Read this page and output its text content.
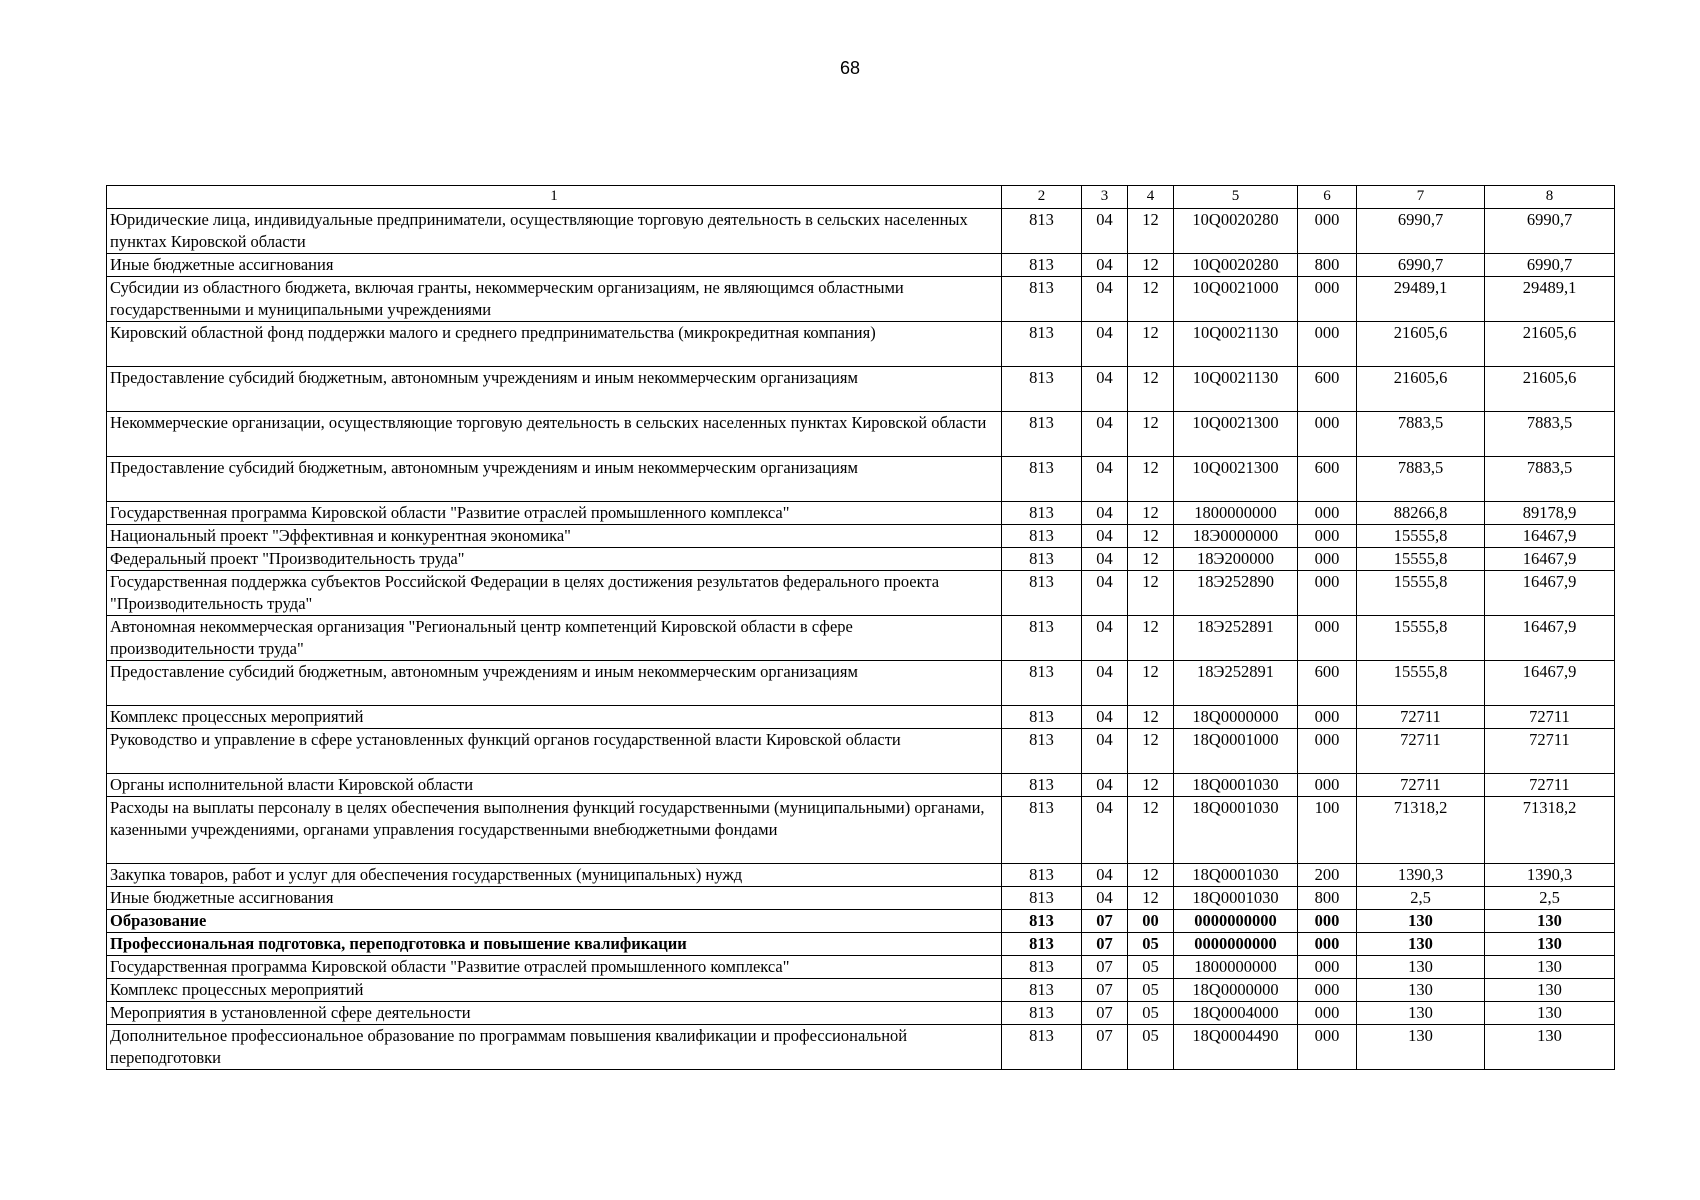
68
1	2	3	4	5	6	7	8
Юридические лица, индивидуальные предприниматели, осуществляющие торговую деятельность в сельских населенных пунктах Кировской области	813	04	12	10Q0020280	000	6990,7	6990,7
Иные бюджетные ассигнования	813	04	12	10Q0020280	800	6990,7	6990,7
Субсидии из областного бюджета, включая гранты, некоммерческим организациям, не являющимся областными государственными и муниципальными учреждениями	813	04	12	10Q0021000	000	29489,1	29489,1
Кировский областной фонд поддержки малого и среднего предпринимательства (микрокредитная компания)	813	04	12	10Q0021130	000	21605,6	21605,6
Предоставление субсидий бюджетным, автономным учреждениям и иным некоммерческим организациям	813	04	12	10Q0021130	600	21605,6	21605,6
Некоммерческие организации, осуществляющие торговую деятельность в сельских населенных пунктах Кировской области	813	04	12	10Q0021300	000	7883,5	7883,5
Предоставление субсидий бюджетным, автономным учреждениям и иным некоммерческим организациям	813	04	12	10Q0021300	600	7883,5	7883,5
Государственная программа Кировской области "Развитие отраслей промышленного комплекса"	813	04	12	1800000000	000	88266,8	89178,9
Национальный проект "Эффективная и конкурентная экономика"	813	04	12	18Э0000000	000	15555,8	16467,9
Федеральный проект "Производительность труда"	813	04	12	18Э200000	000	15555,8	16467,9
Государственная поддержка субъектов Российской Федерации в целях достижения результатов федерального проекта "Производительность труда"	813	04	12	18Э252890	000	15555,8	16467,9
Автономная некоммерческая организация "Региональный центр компетенций Кировской области в сфере производительности труда"	813	04	12	18Э252891	000	15555,8	16467,9
Предоставление субсидий бюджетным, автономным учреждениям и иным некоммерческим организациям	813	04	12	18Э252891	600	15555,8	16467,9
Комплекс процессных мероприятий	813	04	12	18Q0000000	000	72711	72711
Руководство и управление в сфере установленных функций органов государственной власти Кировской области	813	04	12	18Q0001000	000	72711	72711
Органы исполнительной власти Кировской области	813	04	12	18Q0001030	000	72711	72711
Расходы на выплаты персоналу в целях обеспечения выполнения функций государственными (муниципальными) органами, казенными учреждениями, органами управления государственными внебюджетными фондами	813	04	12	18Q0001030	100	71318,2	71318,2
Закупка товаров, работ и услуг для обеспечения государственных (муниципальных) нужд	813	04	12	18Q0001030	200	1390,3	1390,3
Иные бюджетные ассигнования	813	04	12	18Q0001030	800	2,5	2,5
Образование	813	07	00	0000000000	000	130	130
Профессиональная подготовка, переподготовка и повышение квалификации	813	07	05	0000000000	000	130	130
Государственная программа Кировской области "Развитие отраслей промышленного комплекса"	813	07	05	1800000000	000	130	130
Комплекс процессных мероприятий	813	07	05	18Q0000000	000	130	130
Мероприятия в установленной сфере деятельности	813	07	05	18Q0004000	000	130	130
Дополнительное профессиональное образование по программам повышения квалификации и профессиональной переподготовки	813	07	05	18Q0004490	000	130	130
